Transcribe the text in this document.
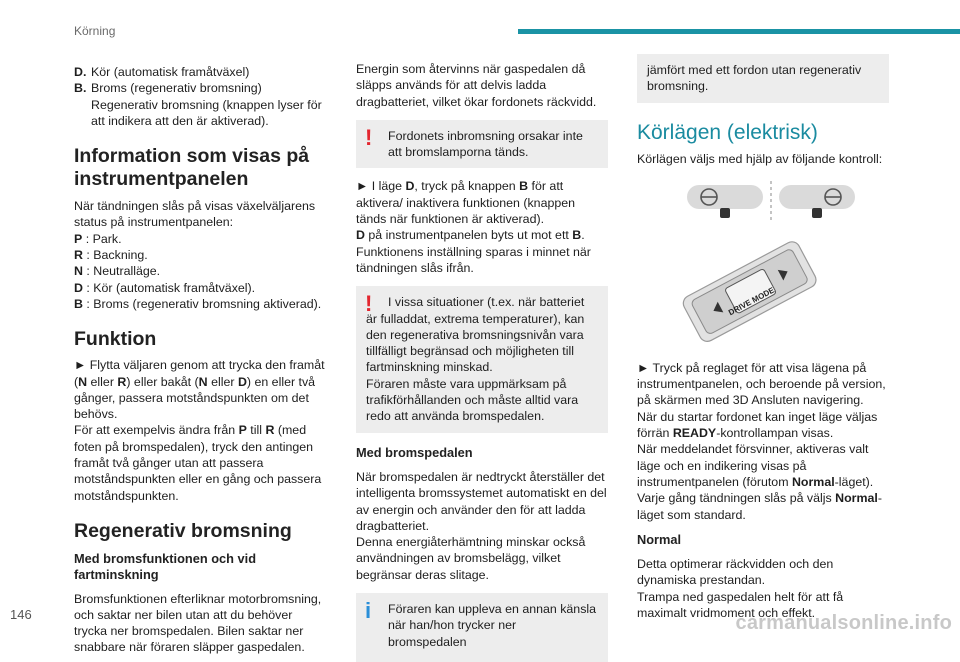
Körning
D. Kör (automatisk framåtväxel)
B. Broms (regenerativ bromsning)

Regenerativ bromsning (knappen lyser för att indikera att den är aktiverad).

Information som visas på instrumentpanelen

När tändningen slås på visas växelväljarens status på instrumentpanelen:

P : Park.

R : Backning.

N : Neutralläge.

D : Kör (automatisk framåtväxel).

B : Broms (regenerativ bromsning aktiverad).

Funktion

► Flytta väljaren genom att trycka den framåt (N eller R) eller bakåt (N eller D) en eller två gånger, passera motståndspunkten om det behövs.

För att exempelvis ändra från P till R (med foten på bromspedalen), tryck den antingen framåt två gånger utan att passera motståndspunkten eller en gång och passera motståndspunkten.

Regenerativ bromsning

Med bromsfunktionen och vid fartminskning

Bromsfunktionen efterliknar motorbromsning, och saktar ner bilen utan att du behöver trycka ner bromspedalen. Bilen saktar ner snabbare när föraren släpper gaspedalen.

Energin som återvinns när gaspedalen då släpps används för att delvis ladda dragbatteriet, vilket ökar fordonets räckvidd.

!	Fordonets inbromsning orsakar inte att bromslamporna tänds.

► I läge D, tryck på knappen B för att aktivera/ inaktivera funktionen (knappen tänds när funktionen är aktiverad).

D på instrumentpanelen byts ut mot ett B.

Funktionens inställning sparas i minnet när tändningen slås ifrån.

!	I vissa situationer (t.ex. när batteriet är fulladdat, extrema temperaturer), kan den regenerativa bromsningsnivån vara tillfälligt begränsad och möjligheten till fartminskning minskad.

Föraren måste vara uppmärksam på trafikförhållanden och måste alltid vara redo att använda bromspedalen.

Med bromspedalen

När bromspedalen är nedtryckt återställer det intelligenta bromssystemet automatiskt en del av energin och använder den för att ladda dragbatteriet.

Denna energiåterhämtning minskar också användningen av bromsbelägg, vilket begränsar deras slitage.

i	Föraren kan uppleva en annan känsla när han/hon trycker ner bromspedalen

jämfört med ett fordon utan regenerativ bromsning.

Körlägen (elektrisk)

Körlägen väljs med hjälp av följande kontroll:

DRIVE MODE

► Tryck på reglaget för att visa lägena på instrumentpanelen, och beroende på version, på skärmen med 3D Ansluten navigering.

När du startar fordonet kan inget läge väljas förrän READY-kontrollampan visas.

När meddelandet försvinner, aktiveras valt läge och en indikering visas på instrumentpanelen (förutom Normal-läget).

Varje gång tändningen slås på väljs Normal-läget som standard.

Normal

Detta optimerar räckvidden och den dynamiska prestandan.

Trampa ned gaspedalen helt för att få maximalt vridmoment och effekt.

146	carmanualsonline.info
